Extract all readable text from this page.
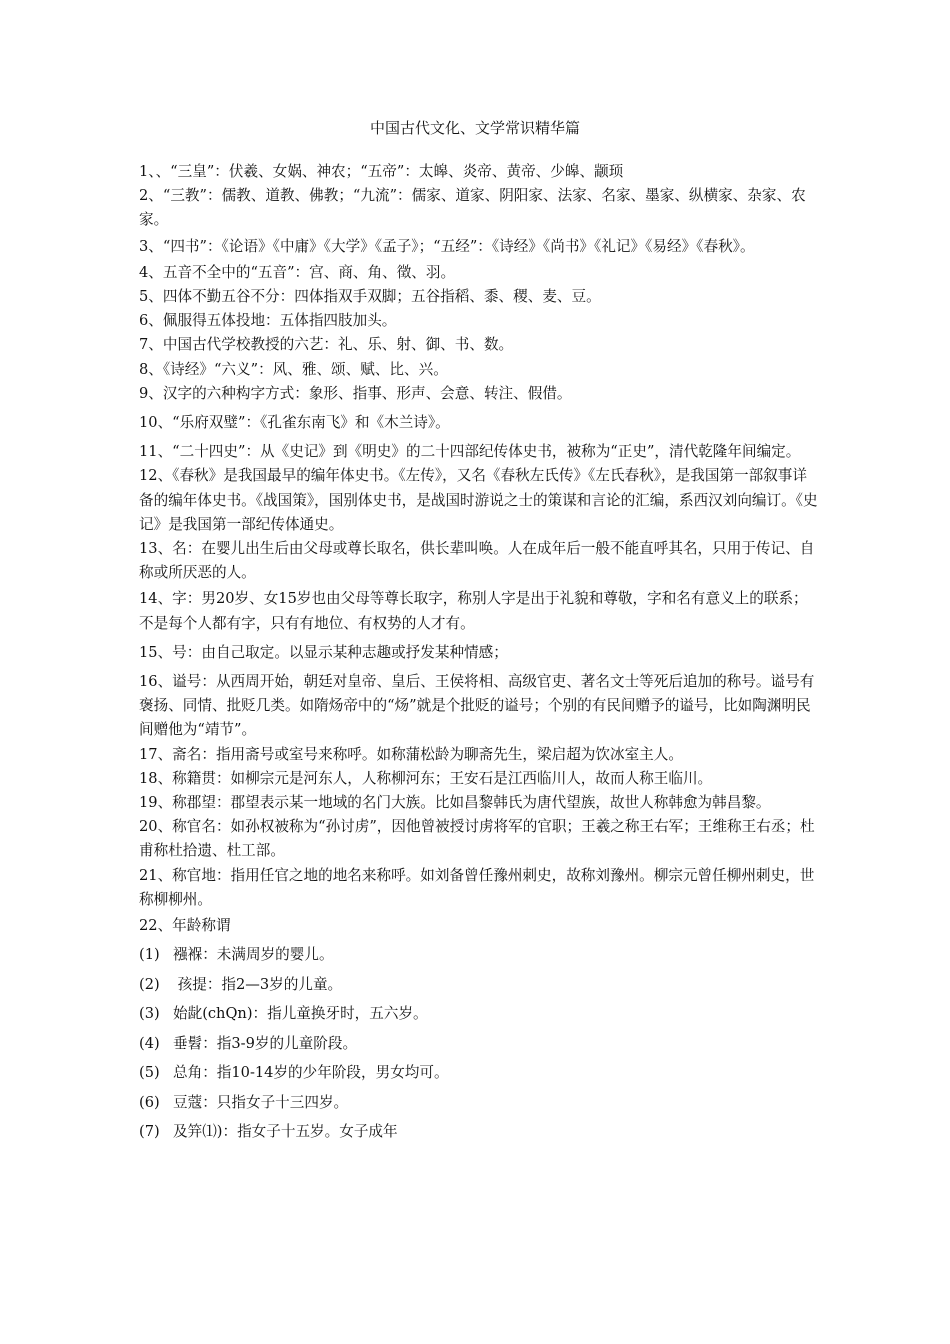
中国古代文化、文学常识精华篇

1、、“三皇”：伏羲、女娲、神农；“五帝”：太皞、炎帝、黄帝、少皞、颛顼

2、“三教”：儒教、道教、佛教；“九流”：儒家、道家、阴阳家、法家、名家、墨家、纵横家、杂家、农家。

3、“四书”：《论语》《中庸》《大学》《孟子》；“五经”：《诗经》《尚书》《礼记》《易经》《春秋》。

4、五音不全中的“五音”：宫、商、角、徵、羽。

5、四体不勤五谷不分：四体指双手双脚；五谷指稻、黍、稷、麦、豆。

6、佩服得五体投地：五体指四肢加头。

7、中国古代学校教授的六艺：礼、乐、射、御、书、数。

8、《诗经》“六义”：风、雅、颂、赋、比、兴。

9、汉字的六种构字方式：象形、指事、形声、会意、转注、假借。

10、“乐府双璧”：《孔雀东南飞》和《木兰诗》。

11、“二十四史”：从《史记》到《明史》的二十四部纪传体史书，被称为“正史”，清代乾隆年间编定。

12、《春秋》是我国最早的编年体史书。《左传》，又名《春秋左氏传》《左氏春秋》，是我国第一部叙事详备的编年体史书。《战国策》，国别体史书，是战国时游说之士的策谋和言论的汇编，系西汉刘向编订。《史记》是我国第一部纪传体通史。

13、名：在婴儿出生后由父母或尊长取名，供长辈叫唤。人在成年后一般不能直呼其名，只用于传记、自称或所厌恶的人。

14、字：男20岁、女15岁也由父母等尊长取字，称别人字是出于礼貌和尊敬，字和名有意义上的联系；不是每个人都有字，只有有地位、有权势的人才有。

15、号：由自己取定。以显示某种志趣或抒发某种情感；

16、谥号：从西周开始，朝廷对皇帝、皇后、王侯将相、高级官吏、著名文士等死后追加的称号。谥号有褒扬、同情、批贬几类。如隋炀帝中的“炀”就是个批贬的谥号；个别的有民间赠予的谥号，比如陶渊明民间赠他为“靖节”。

17、斋名：指用斋号或室号来称呼。如称蒲松龄为聊斋先生，梁启超为饮冰室主人。

18、称籍贯：如柳宗元是河东人，人称柳河东；王安石是江西临川人，故而人称王临川。

19、称郡望：郡望表示某一地域的名门大族。比如昌黎韩氏为唐代望族，故世人称韩愈为韩昌黎。

20、称官名：如孙权被称为“孙讨虏”，因他曾被授讨虏将军的官职；王羲之称王右军；王维称王右丞；杜甫称杜拾遗、杜工部。

21、称官地：指用任官之地的地名来称呼。如刘备曾任豫州刺史，故称刘豫州。柳宗元曾任柳州刺史，世称柳柳州。

22、年龄称谓

(1) 襁褓：未满周岁的婴儿。

(2) 孩提：指2—3岁的儿童。

(3) 始龀(chQn)：指儿童换牙时，五六岁。

(4) 垂髫：指3-9岁的儿童阶段。

(5) 总角：指10-14岁的少年阶段，男女均可。

(6) 豆蔻：只指女子十三四岁。

(7) 及笄⑴)：指女子十五岁。女子成年
